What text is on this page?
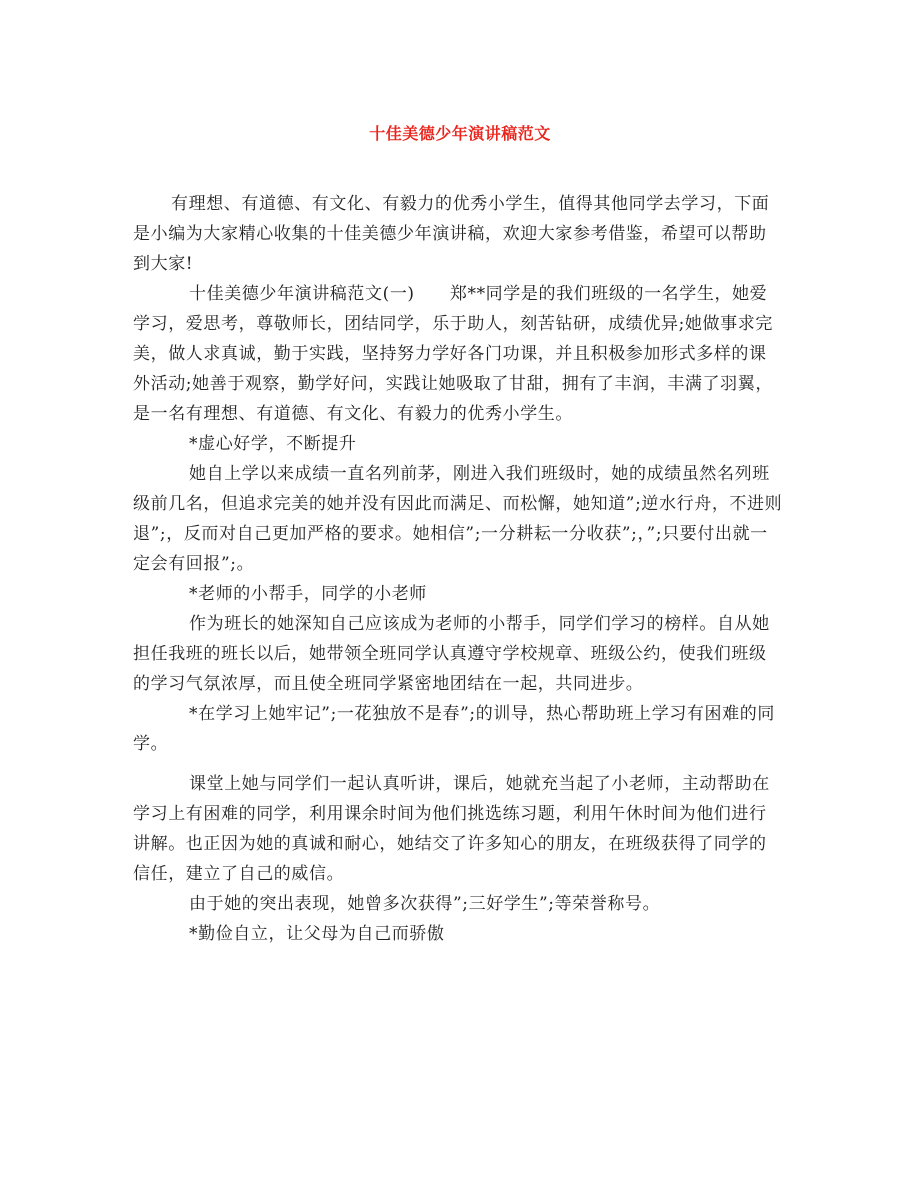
十佳美德少年演讲稿范文

有理想、有道德、有文化、有毅力的优秀小学生，值得其他同学去学习，下面是小编为大家精心收集的十佳美德少年演讲稿，欢迎大家参考借鉴，希望可以帮助到大家!

十佳美德少年演讲稿范文(一)　　郑**同学是的我们班级的一名学生，她爱学习，爱思考，尊敬师长，团结同学，乐于助人，刻苦钻研，成绩优异;她做事求完美，做人求真诚，勤于实践，坚持努力学好各门功课，并且积极参加形式多样的课外活动;她善于观察，勤学好问，实践让她吸取了甘甜，拥有了丰润，丰满了羽翼，是一名有理想、有道德、有文化、有毅力的优秀小学生。

*虚心好学，不断提升

她自上学以来成绩一直名列前茅，刚进入我们班级时，她的成绩虽然名列班级前几名，但追求完美的她并没有因此而满足、而松懈，她知道”;逆水行舟，不进则退”;，反而对自己更加严格的要求。她相信”;一分耕耘一分收获”;，”;只要付出就一定会有回报”;。

*老师的小帮手，同学的小老师

作为班长的她深知自己应该成为老师的小帮手，同学们学习的榜样。自从她担任我班的班长以后，她带领全班同学认真遵守学校规章、班级公约，使我们班级的学习气氛浓厚，而且使全班同学紧密地团结在一起，共同进步。

*在学习上她牢记”;一花独放不是春”;的训导，热心帮助班上学习有困难的同学。

课堂上她与同学们一起认真听讲，课后，她就充当起了小老师，主动帮助在学习上有困难的同学，利用课余时间为他们挑选练习题，利用午休时间为他们进行讲解。也正因为她的真诚和耐心，她结交了许多知心的朋友，在班级获得了同学的信任，建立了自己的威信。

由于她的突出表现，她曾多次获得”;三好学生”;等荣誉称号。

*勤俭自立，让父母为自己而骄傲
